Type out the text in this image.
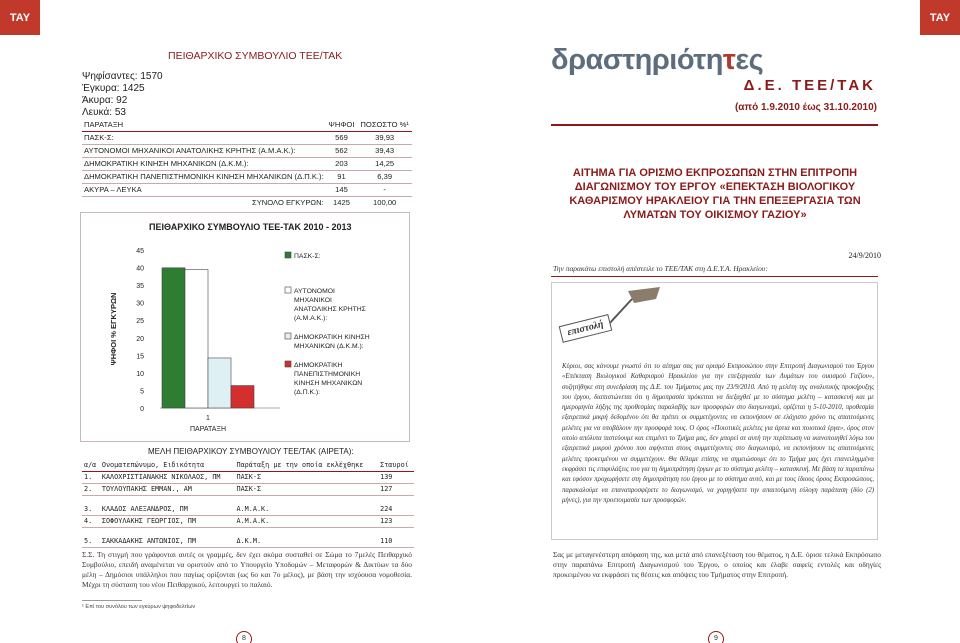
ΤΑΥ	ΤΑΥ
ΠΕΙΘΑΡΧΙΚΟ ΣΥΜΒΟΥΛΙΟ ΤΕΕ/ΤΑΚ
Ψηφίσαντες: 1570
Έγκυρα: 1425
Άκυρα: 92
Λευκά: 53
ΠΑΡΑΤΑΞΗ	ΨΗΦΟΙ	ΠΟΣΟΣΤΟ %¹
ΠΑΣΚ-Σ:	569	39,93
ΑΥΤΟΝΟΜΟΙ ΜΗΧΑΝΙΚΟΙ ΑΝΑΤΟΛΙΚΗΣ ΚΡΗΤΗΣ (Α.Μ.Α.Κ.):	562	39,43
ΔΗΜΟΚΡΑΤΙΚΗ ΚΙΝΗΣΗ ΜΗΧΑΝΙΚΩΝ (Δ.Κ.Μ.):	203	14,25
ΔΗΜΟΚΡΑΤΙΚΗ ΠΑΝΕΠΙΣΤΗΜΟΝΙΚΗ ΚΙΝΗΣΗ ΜΗΧΑΝΙΚΩΝ (Δ.Π.Κ.):	91	6,39
ΑΚΥΡΑ – ΛΕΥΚΑ	145	-
ΣΥΝΟΛΟ ΕΓΚΥΡΩΝ:	1425	100,00
ΠΕΙΘΑΡΧΙΚΟ ΣΥΜΒΟΥΛΙΟ ΤΕΕ-ΤΑΚ 2010 - 2013
0
5
10
15
20
25
30
35
40
45
ΨΗΦΟΙ % ΕΓΚΥΡΩΝ
1
ΠΑΡΑΤΑΞΗ
ΠΑΣΚ-Σ:
ΑΥΤΟΝΟΜΟΙ
ΜΗΧΑΝΙΚΟΙ
ΑΝΑΤΟΛΙΚΗΣ ΚΡΗΤΗΣ
(Α.Μ.Α.Κ.):
ΔΗΜΟΚΡΑΤΙΚΗ ΚΙΝΗΣΗ
ΜΗΧΑΝΙΚΩΝ (Δ.Κ.Μ.):
ΔΗΜΟΚΡΑΤΙΚΗ
ΠΑΝΕΠΙΣΤΗΜΟΝΙΚΗ
ΚΙΝΗΣΗ ΜΗΧΑΝΙΚΩΝ
(Δ.Π.Κ.):
ΜΕΛΗ ΠΕΙΘΑΡΧΙΚΟΥ ΣΥΜΒΟΥΛΙΟΥ ΤΕΕ/ΤΑΚ (ΑΙΡΕΤΑ):
α/α	Ονοματεπώνυμο, Ειδικότητα	Παράταξη με την οποία εκλέχθηκε	Σταυροί
1.	ΚΑΛΟΧΡΙΣΤΙΑΝΑΚΗΣ ΝΙΚΟΛΑΟΣ, ΠΜ	ΠΑΣΚ-Σ	139
2.	ΤΟΥΛΟΥΠΑΚΗΣ ΕΜΜΑΝ., ΑΜ	ΠΑΣΚ-Σ	127

3.	ΚΛΑΔΟΣ ΑΛΕΞΑΝΔΡΟΣ, ΠΜ	Α.Μ.Α.Κ.	224
4.	ΣΟΦΟΥΛΑΚΗΣ ΓΕΩΡΓΙΟΣ, ΠΜ	Α.Μ.Α.Κ.	123

5.	ΣΑΚΚΑΔΑΚΗΣ ΑΝΤΩΝΙΟΣ, ΠΜ	Δ.Κ.Μ.	110
Σ.Σ. Τη στιγμή που γράφονται αυτές οι γραμμές, δεν έχει ακόμα συσταθεί σε Σώμα το 7μελές Πειθαρχικό Συμβούλιο, επειδή αναμένεται να οριστούν από το Υπουργείο Υποδομών – Μεταφορών & Δικτύων τα δύο μέλη – Δημόσιοι υπάλληλοι που παγίως ορίζονται (ως 6ο και 7ο μέλος), με βάση την ισχύουσα νομοθεσία. Μέχρι τη σύσταση του νέου Πειθαρχικού, λειτουργεί το παλαιό.
¹ Επί του συνόλου των εγκύρων ψηφοδελτίων
8
δραστηριότητες
Δ.Ε. ΤΕΕ/ΤΑΚ
(από 1.9.2010 έως 31.10.2010)
ΑΙΤΗΜΑ ΓΙΑ ΟΡΙΣΜΟ ΕΚΠΡΟΣΩΠΩΝ ΣΤΗΝ ΕΠΙΤΡΟΠΗ ΔΙΑΓΩΝΙΣΜΟΥ ΤΟΥ ΕΡΓΟΥ «ΕΠΕΚΤΑΣΗ ΒΙΟΛΟΓΙΚΟΥ ΚΑΘΑΡΙΣΜΟΥ ΗΡΑΚΛΕΙΟΥ ΓΙΑ ΤΗΝ ΕΠΕΞΕΡΓΑΣΙΑ ΤΩΝ ΛΥΜΑΤΩΝ ΤΟΥ ΟΙΚΙΣΜΟΥ ΓΑΖΙΟΥ»
24/9/2010
Την παρακάτω επιστολή απέστειλε το ΤΕΕ/ΤΑΚ στη Δ.Ε.Υ.Α. Ηρακλείου:
επιστολή
Κύριοι, σας κάνουμε γνωστό ότι το αίτημα σας για ορισμό Εκπροσώπου στην Επιτροπή Διαγωνισμού του Έργου «Επέκταση Βιολογικού Καθαρισμού Ηρακλείου για την επεξεργασία των Λυμάτων του οικισμού Γαζίου», συζητήθηκε στη συνεδρίαση της Δ.Ε. του Τμήματος μας την 23/9/2010. Από τη μελέτη της αναλυτικής προκήρυξης του έργου, διαπιστώνεται ότι η δημοπρασία πρόκειται να διεξαχθεί με το σύστημα μελέτη – κατασκευή και με ημερομηνία λήξης της προθεσμίας παραλαβής των προσφορών στο διαγωνισμό, ορίζεται η 5-10-2010, προθεσμία εξαιρετικά μικρή δεδομένου ότι θα πρέπει οι συμμετέχοντες να εκπονήσουν σε ελάχιστο χρόνο τις απαιτούμενες μελέτες για να υποβάλουν την προσφορά τους. Ο όρος «Ποιοτικές μελέτες για άρτια και ποιοτικά έργα», όρος στον οποίο απόλυτα πιστεύουμε και επιμένει το Τμήμα μας, δεν μπορεί σε αυτή την περίπτωση να ικανοποιηθεί λόγω του εξαιρετικά μικρού χρόνου που αφήνεται στους συμμετέχοντες στο διαγωνισμό, να εκπονήσουν τις απαιτούμενες μελέτες προκειμένου να συμμετέχουν. Θα θέλαμε επίσης να σημειώσουμε ότι το Τμήμα μας έχει επανειλημμένα εκφράσει τις επιφυλάξεις του για τη δημοπράτηση έργων με το σύστημα μελέτη – κατασκευή. Με βάση τα παραπάνω και εφόσον προχωρήσετε στη δημοπράτηση του έργου με το σύστημα αυτό, και με τους ίδιους όρους Εκπροσώπους, παρακαλούμε να επαναπροσφέρετε το διαγωνισμό, να χορηγήσετε την απαιτούμενη εύλογη παράταση (δύο (2) μήνες), για την προετοιμασία των προσφορών.
Σας με μεταγενέστερη απόφαση της, και μετά από επανεξέταση του θέματος, η Δ.Ε. όρισε τελικά Εκπρόσωπο στην παραπάνω Επιτροπή Διαγωνισμού του Έργου, ο οποίος και έλαβε σαφείς εντολές και οδηγίες προκειμένου να εκφράσει τις θέσεις και απόψεις του Τμήματος στην Επιτροπή.
9
